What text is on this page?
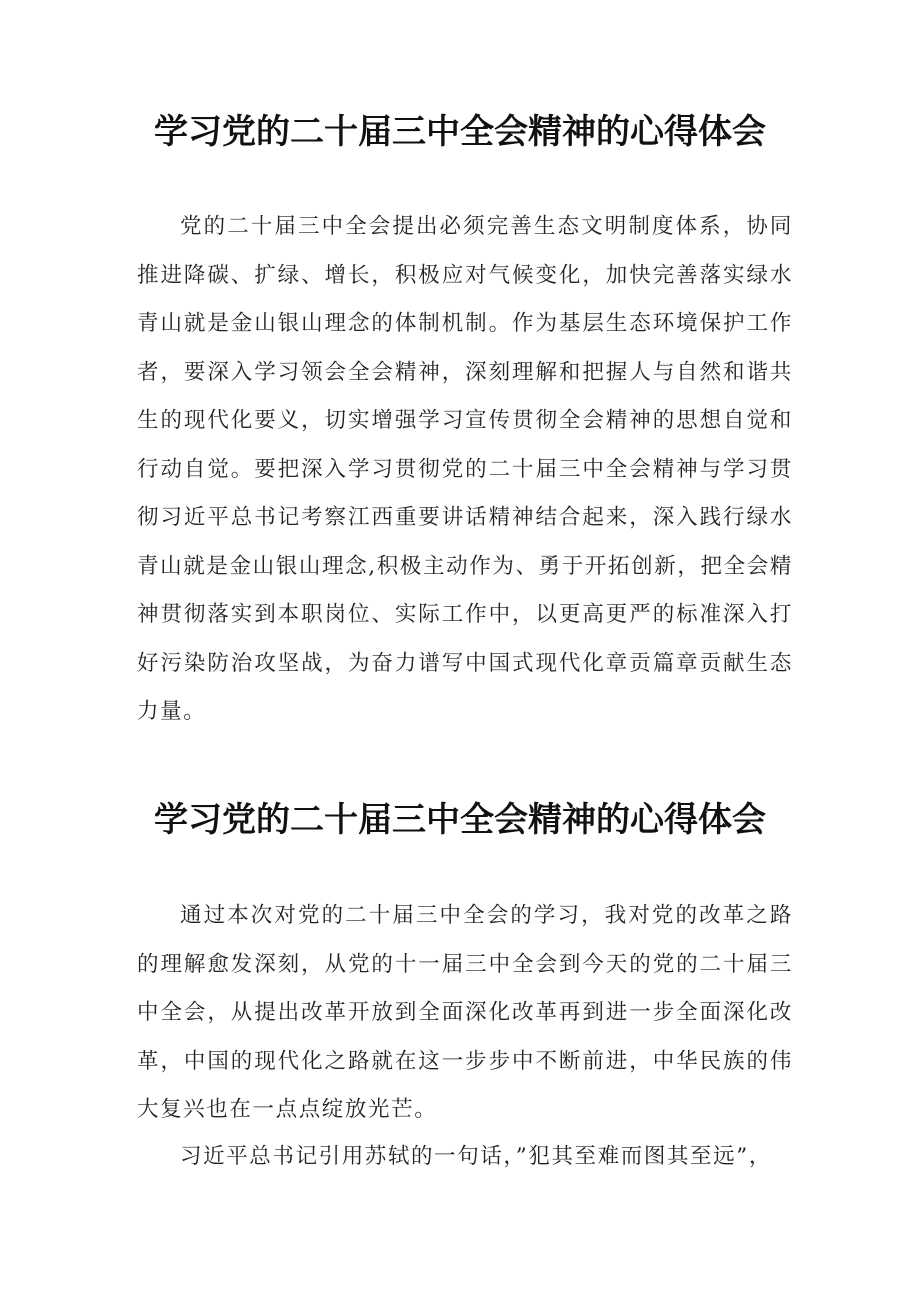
学习党的二十届三中全会精神的心得体会

党的二十届三中全会提出必须完善生态文明制度体系，协同推进降碳、扩绿、增长，积极应对气候变化，加快完善落实绿水青山就是金山银山理念的体制机制。作为基层生态环境保护工作者，要深入学习领会全会精神，深刻理解和把握人与自然和谐共生的现代化要义，切实增强学习宣传贯彻全会精神的思想自觉和行动自觉。要把深入学习贯彻党的二十届三中全会精神与学习贯彻习近平总书记考察江西重要讲话精神结合起来，深入践行绿水青山就是金山银山理念,积极主动作为、勇于开拓创新，把全会精神贯彻落实到本职岗位、实际工作中，以更高更严的标准深入打好污染防治攻坚战，为奋力谱写中国式现代化章贡篇章贡献生态力量。

学习党的二十届三中全会精神的心得体会

通过本次对党的二十届三中全会的学习，我对党的改革之路的理解愈发深刻，从党的十一届三中全会到今天的党的二十届三中全会，从提出改革开放到全面深化改革再到进一步全面深化改革，中国的现代化之路就在这一步步中不断前进，中华民族的伟大复兴也在一点点绽放光芒。

习近平总书记引用苏轼的一句话，”犯其至难而图其至远”，
